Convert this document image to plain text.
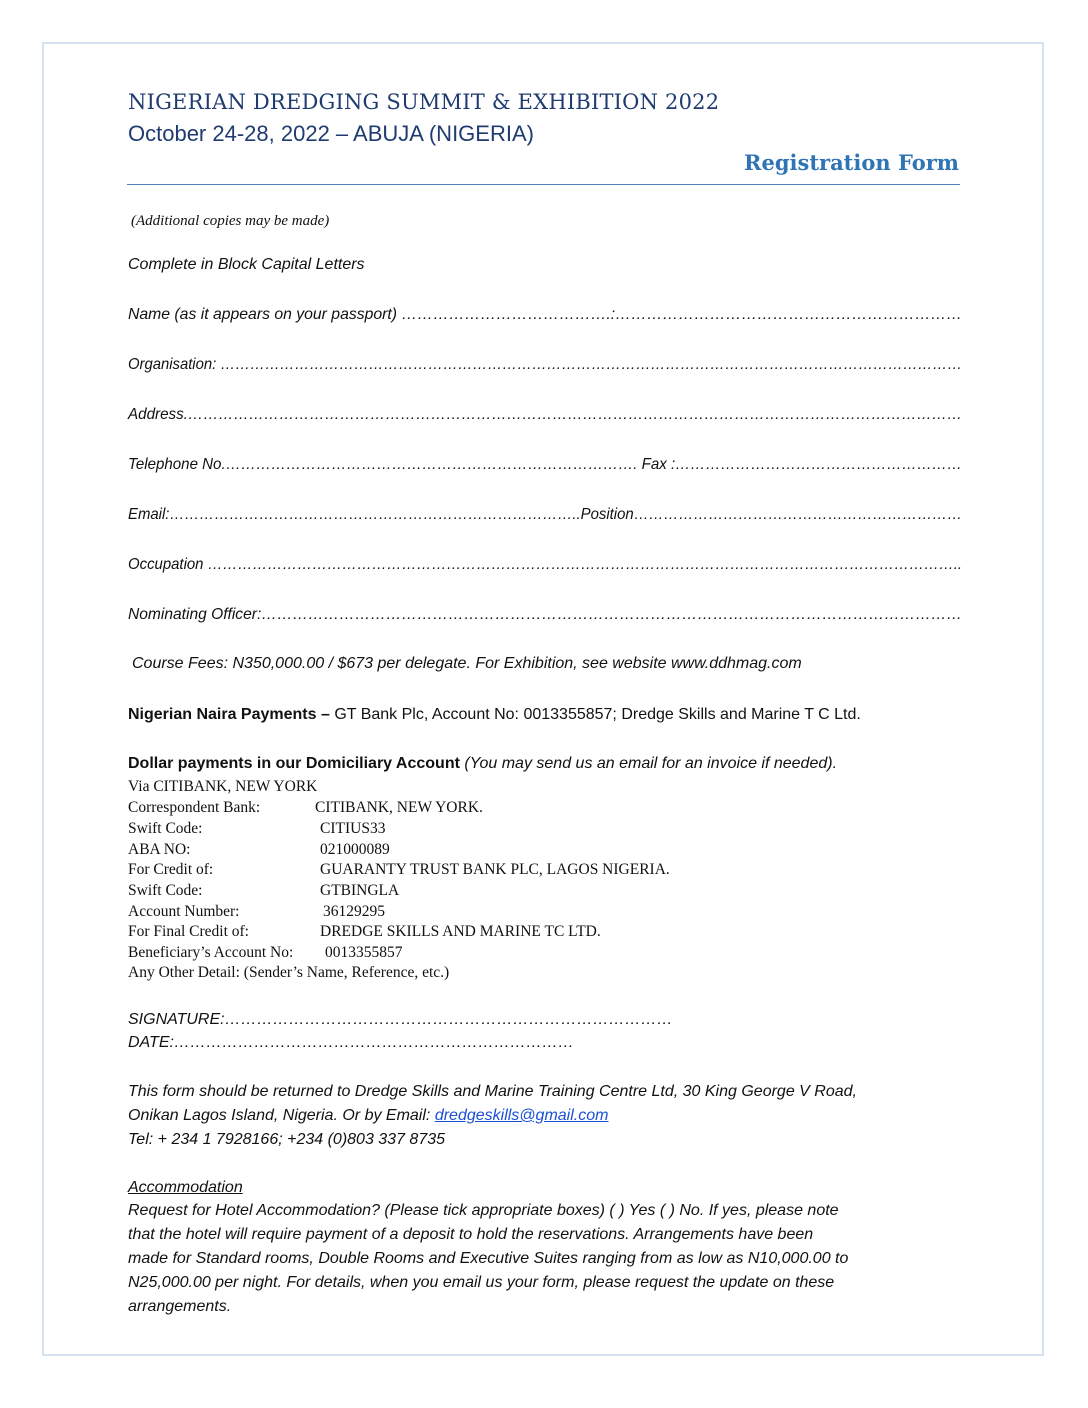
NIGERIAN DREDGING SUMMIT & EXHIBITION 2022
October 24-28, 2022 – ABUJA (NIGERIA)
Registration Form
(Additional copies may be made)
Complete in Block Capital Letters
Name (as it appears on your passport) ………………………………….:…………………………………………………………
Organisation: ……………………………………………………………………………………………………………………………………
Address.………………………………………………………………………………………………………………………………………
Telephone No.………………………………………………………………………. Fax :…………………………………………………
Email:………………………………………………………………………..Position…………………………………………………………
Occupation ……………………………………………………………………………………………………………………………………..
Nominating Officer:………………………………………………………………………………………………………………………
Course Fees: N350,000.00 / $673 per delegate. For Exhibition, see website www.ddhmag.com
Nigerian Naira Payments – GT Bank Plc, Account No: 0013355857; Dredge Skills and Marine T C Ltd.
Dollar payments in our Domiciliary Account (You may send us an email for an invoice if needed).
Via CITIBANK, NEW YORK
Correspondent Bank:	CITIBANK, NEW YORK.
Swift Code:	CITIUS33
ABA NO:	021000089
For Credit of:	GUARANTY TRUST BANK PLC, LAGOS NIGERIA.
Swift Code:	GTBINGLA
Account Number:	36129295
For Final Credit of:	DREDGE SKILLS AND MARINE TC LTD.
Beneficiary’s Account No: 0013355857
Any Other Detail: (Sender’s Name, Reference, etc.)
SIGNATURE:…………………………………………………………………………
DATE:…………………………………………………………………
This form should be returned to Dredge Skills and Marine Training Centre Ltd, 30 King George V Road,
Onikan Lagos Island, Nigeria. Or by Email: dredgeskills@gmail.com
Tel: + 234 1 7928166; +234 (0)803 337 8735
Accommodation
Request for Hotel Accommodation? (Please tick appropriate boxes) ( ) Yes ( ) No. If yes, please note
that the hotel will require payment of a deposit to hold the reservations. Arrangements have been
made for Standard rooms, Double Rooms and Executive Suites ranging from as low as N10,000.00 to
N25,000.00 per night. For details, when you email us your form, please request the update on these
arrangements.
